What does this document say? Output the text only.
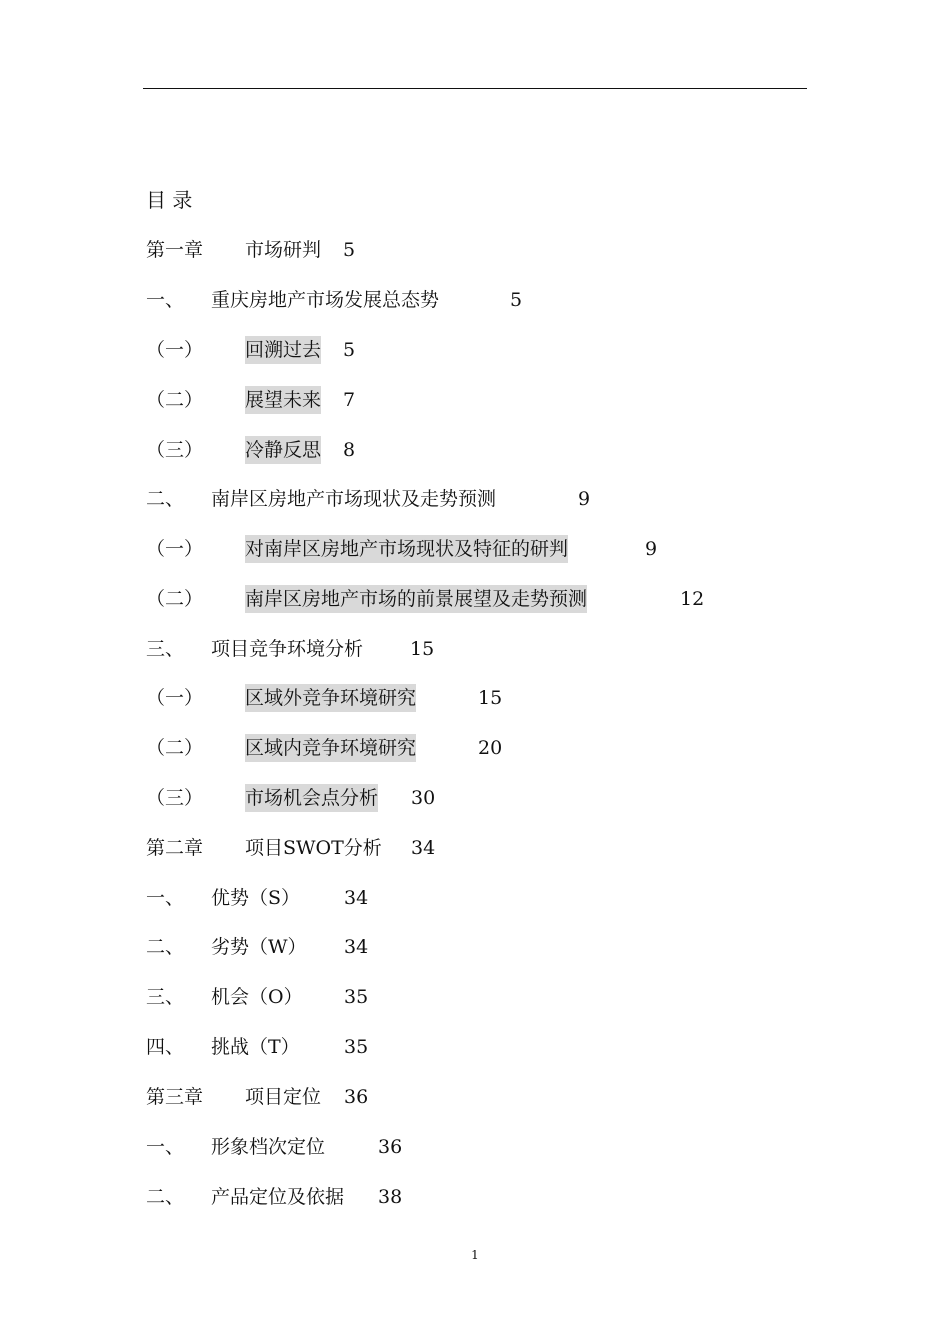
目 录
第一章 市场研判 5
一、 重庆房地产市场发展总态势	5
（一） 回溯过去 5
（二） 展望未来 7
（三） 冷静反思 8
二、 南岸区房地产市场现状及走势预测	9
（一） 对南岸区房地产市场现状及特征的研判	9
（二） 南岸区房地产市场的前景展望及走势预测	12
三、 项目竞争环境分析 15
（一） 区域外竞争环境研究	15
（二） 区域内竞争环境研究	20
（三） 市场机会点分析 30
第二章 项目SWOT分析 34
一、 优势（S） 34
二、 劣势（W） 34
三、 机会（O） 35
四、 挑战（T） 35
第三章 项目定位 36
一、 形象档次定位	36
二、 产品定位及依据 38
1
